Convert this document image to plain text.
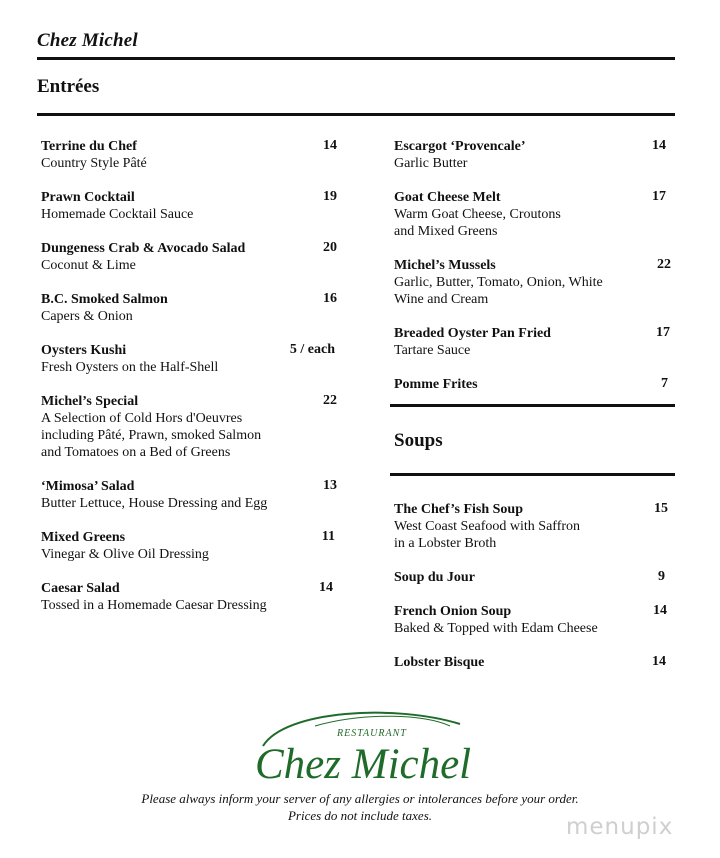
Chez Michel
Entrées
Terrine du Chef
Country Style Pâté
14
Prawn Cocktail
Homemade Cocktail Sauce
19
Dungeness Crab & Avocado Salad
Coconut & Lime
20
B.C. Smoked Salmon
Capers & Onion
16
Oysters Kushi
Fresh Oysters on the Half-Shell
5 / each
Michel’s Special
A Selection of Cold Hors d'Oeuvres
including Pâté, Prawn, smoked Salmon
and Tomatoes on a Bed of Greens
22
‘Mimosa’ Salad
Butter Lettuce, House Dressing and Egg
13
Mixed Greens
Vinegar & Olive Oil Dressing
11
Caesar Salad
Tossed in a Homemade Caesar Dressing
14
Escargot ‘Provencale’
Garlic Butter
14
Goat Cheese Melt
Warm Goat Cheese, Croutons
and Mixed Greens
17
Michel’s Mussels
Garlic, Butter, Tomato, Onion, White
Wine and Cream
22
Breaded Oyster Pan Fried
Tartare Sauce
17
Pomme Frites	7
Soups
The Chef’s Fish Soup
West Coast Seafood with Saffron
in a Lobster Broth
15
Soup du Jour	9
French Onion Soup
Baked & Topped with Edam Cheese
14
Lobster Bisque	14
RESTAURANT
Chez Michel
Please always inform your server of any allergies or intolerances before your order.
Prices do not include taxes.	menupix
